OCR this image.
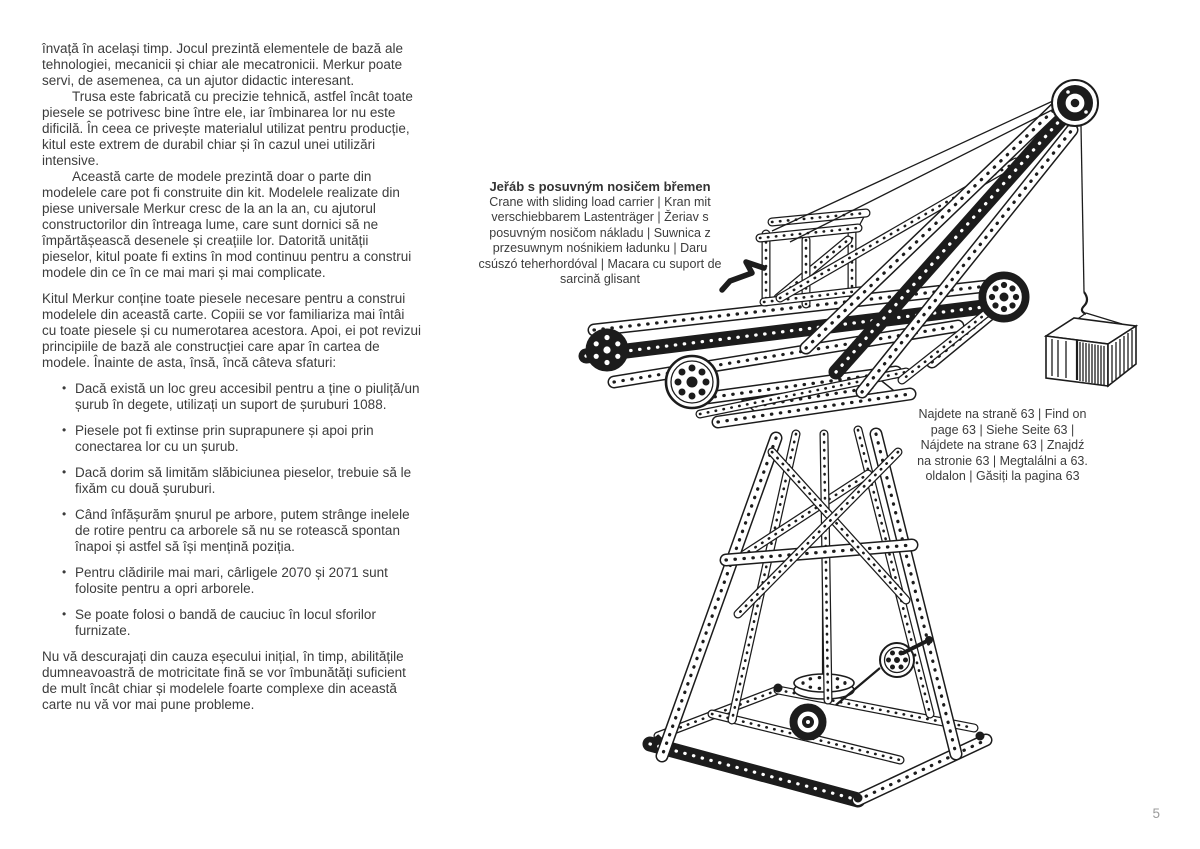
învață în același timp. Jocul prezintă elementele de bază ale tehnologiei, mecanicii și chiar ale mecatronicii. Merkur poate servi, de asemenea, ca un ajutor didactic interesant.

Trusa este fabricată cu precizie tehnică, astfel încât toate piesele se potrivesc bine între ele, iar îmbinarea lor nu este dificilă. În ceea ce privește materialul utilizat pentru producție, kitul este extrem de durabil chiar și în cazul unei utilizări intensive.

Această carte de modele prezintă doar o parte din modelele care pot fi construite din kit. Modelele realizate din piese universale Merkur cresc de la an la an, cu ajutorul constructorilor din întreaga lume, care sunt dornici să ne împărtășească desenele și creațiile lor. Datorită unității pieselor, kitul poate fi extins în mod continuu pentru a construi modele din ce în ce mai mari și mai complicate.

Kitul Merkur conține toate piesele necesare pentru a construi modelele din această carte. Copiii se vor familiariza mai întâi cu toate piesele și cu numerotarea acestora. Apoi, ei pot revizui principiile de bază ale construcției care apar în cartea de modele. Înainte de asta, însă, încă câteva sfaturi:

• Dacă există un loc greu accesibil pentru a ține o piuliță/un șurub în degete, utilizați un suport de șuruburi 1088.
• Piesele pot fi extinse prin suprapunere și apoi prin conectarea lor cu un șurub.
• Dacă dorim să limităm slăbiciunea pieselor, trebuie să le fixăm cu două șuruburi.
• Când înfășurăm șnurul pe arbore, putem strânge inelele de rotire pentru ca arborele să nu se rotească spontan înapoi și astfel să își mențină poziția.
• Pentru clădirile mai mari, cârligele 2070 și 2071 sunt folosite pentru a opri arborele.
• Se poate folosi o bandă de cauciuc în locul sforilor furnizate.

Nu vă descurajați din cauza eșecului inițial, în timp, abilitățile dumneavoastră de motricitate fină se vor îmbunătăți suficient de mult încât chiar și modelele foarte complexe din această carte nu vă vor mai pune probleme.

Jeřáb s posuvným nosičem břemen
Crane with sliding load carrier | Kran mit verschiebbarem Lastenträger | Žeriav s posuvným nosičom nákladu | Suwnica z przesuwnym nośnikiem ładunku | Daru csúszó teherhordóval | Macara cu suport de sarcină glisant
Najdete na straně 63 | Find on page 63 | Siehe Seite 63 | Nájdete na strane 63 | Znajdź na stronie 63 | Megtalálni a 63. oldalon | Găsiți la pagina 63
5
